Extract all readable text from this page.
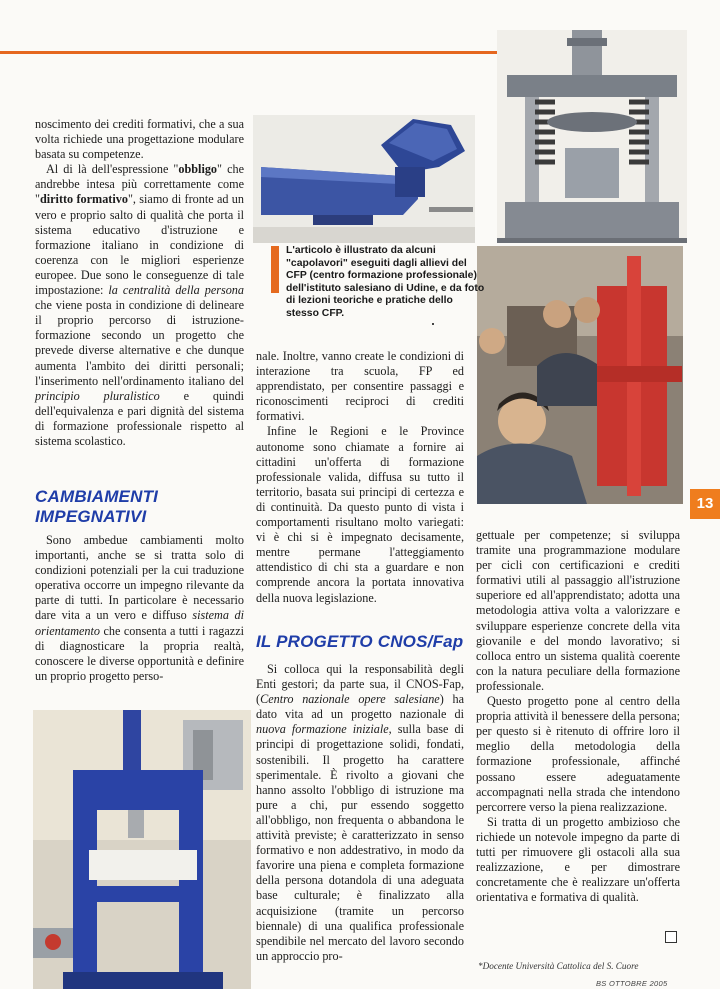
L'articolo è illustrato da alcuni "capolavori" eseguiti dagli allievi del CFP (centro formazione professionale) dell'istituto salesiano di Udine, e da foto di lezioni teoriche e pratiche dello stesso CFP.

noscimento dei crediti formativi, che a sua volta richiede una progettazione modulare basata su competenze.

Al di là dell'espressione "obbligo" che andrebbe intesa più correttamente come "diritto formativo", siamo di fronte ad un vero e proprio salto di qualità che porta il sistema educativo d'istruzione e formazione italiano in condizione di coerenza con le migliori esperienze europee. Due sono le conseguenze di tale impostazione: la centralità della persona che viene posta in condizione di delineare il proprio percorso di istruzione-formazione secondo un progetto che prevede diverse alternative e che dunque aumenta l'ambito dei diritti personali; l'inserimento nell'ordinamento italiano del principio pluralistico e quindi dell'equivalenza e pari dignità del sistema di formazione professionale rispetto al sistema scolastico.

CAMBIAMENTI IMPEGNATIVI

Sono ambedue cambiamenti molto importanti, anche se si tratta solo di condizioni potenziali per la cui traduzione operativa occorre un impegno rilevante da parte di tutti. In particolare è necessario dare vita a un vero e diffuso sistema di orientamento che consenta a tutti i ragazzi di diagnosticare la propria realtà, conoscere le diverse opportunità e definire un proprio progetto perso-

nale. Inoltre, vanno create le condizioni di interazione tra scuola, FP ed apprendistato, per consentire passaggi e riconoscimenti reciproci di crediti formativi.

Infine le Regioni e le Province autonome sono chiamate a fornire ai cittadini un'offerta di formazione professionale valida, diffusa su tutto il territorio, basata sui principi di certezza e di continuità. Da questo punto di vista i comportamenti risultano molto variegati: vi è chi si è impegnato decisamente, mentre permane l'atteggiamento attendistico di chi sta a guardare e non comprende ancora la portata innovativa della nuova legislazione.

IL PROGETTO CNOS/Fap

Si colloca qui la responsabilità degli Enti gestori; da parte sua, il CNOS-Fap, (Centro nazionale opere salesiane) ha dato vita ad un progetto nazionale di nuova formazione iniziale, sulla base di principi di progettazione solidi, fondati, sostenibili. Il progetto ha carattere sperimentale. È rivolto a giovani che hanno assolto l'obbligo di istruzione ma pure a chi, pur essendo soggetto all'obbligo, non frequenta o abbandona le attività previste; è caratterizzato in senso formativo e non addestrativo, in modo da favorire una piena e completa formazione della persona dotandola di una adeguata base culturale; è finalizzato alla acquisizione (tramite un percorso biennale) di una qualifica professionale spendibile nel mercato del lavoro secondo un approccio pro-

gettuale per competenze; si sviluppa tramite una programmazione modulare per cicli con certificazioni e crediti formativi utili al passaggio all'istruzione superiore ed all'apprendistato; adotta una metodologia attiva volta a valorizzare e sviluppare esperienze concrete della vita giovanile e del mondo lavorativo; si colloca entro un sistema qualità coerente con la natura peculiare della formazione professionale.

Questo progetto pone al centro della propria attività il benessere della persona; per questo si è ritenuto di offrire loro il meglio della metodologia della formazione professionale, affinché possano essere adeguatamente accompagnati nella strada che intendono percorrere verso la piena realizzazione.

Si tratta di un progetto ambizioso che richiede un notevole impegno da parte di tutti per rimuovere gli ostacoli alla sua realizzazione, e per dimostrare concretamente che è realizzare un'offerta orientativa e formativa di qualità.

*Docente Università Cattolica del S. Cuore
BS OTTOBRE 2005
13
